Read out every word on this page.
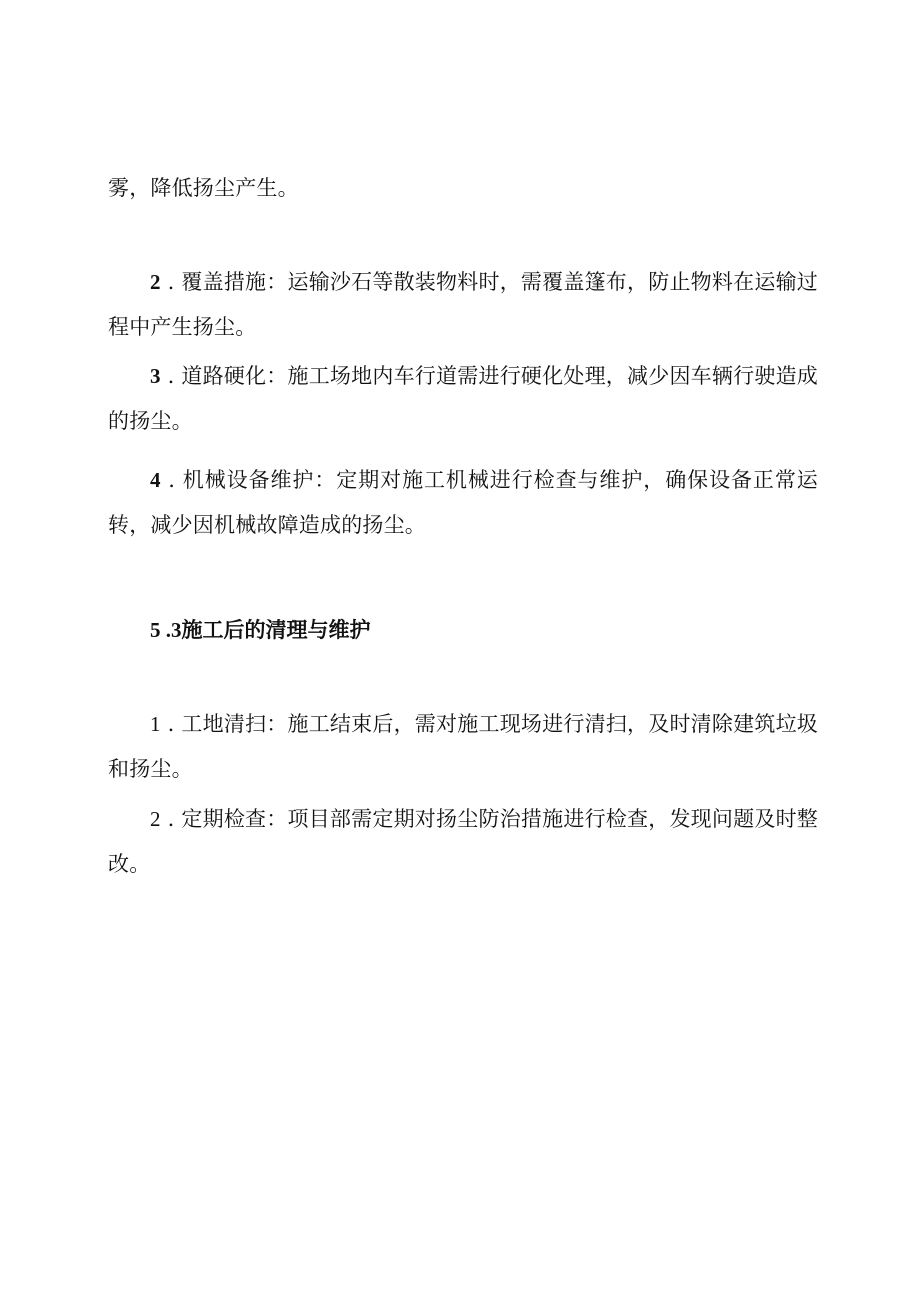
雾，降低扬尘产生。

2 . 覆盖措施：运输沙石等散装物料时，需覆盖篷布，防止物料在运输过程中产生扬尘。

3 . 道路硬化：施工场地内车行道需进行硬化处理，减少因车辆行驶造成的扬尘。

4 . 机械设备维护：定期对施工机械进行检查与维护，确保设备正常运转，减少因机械故障造成的扬尘。

5 .3施工后的清理与维护

1 . 工地清扫：施工结束后，需对施工现场进行清扫，及时清除建筑垃圾和扬尘。

2 . 定期检查：项目部需定期对扬尘防治措施进行检查，发现问题及时整改。
